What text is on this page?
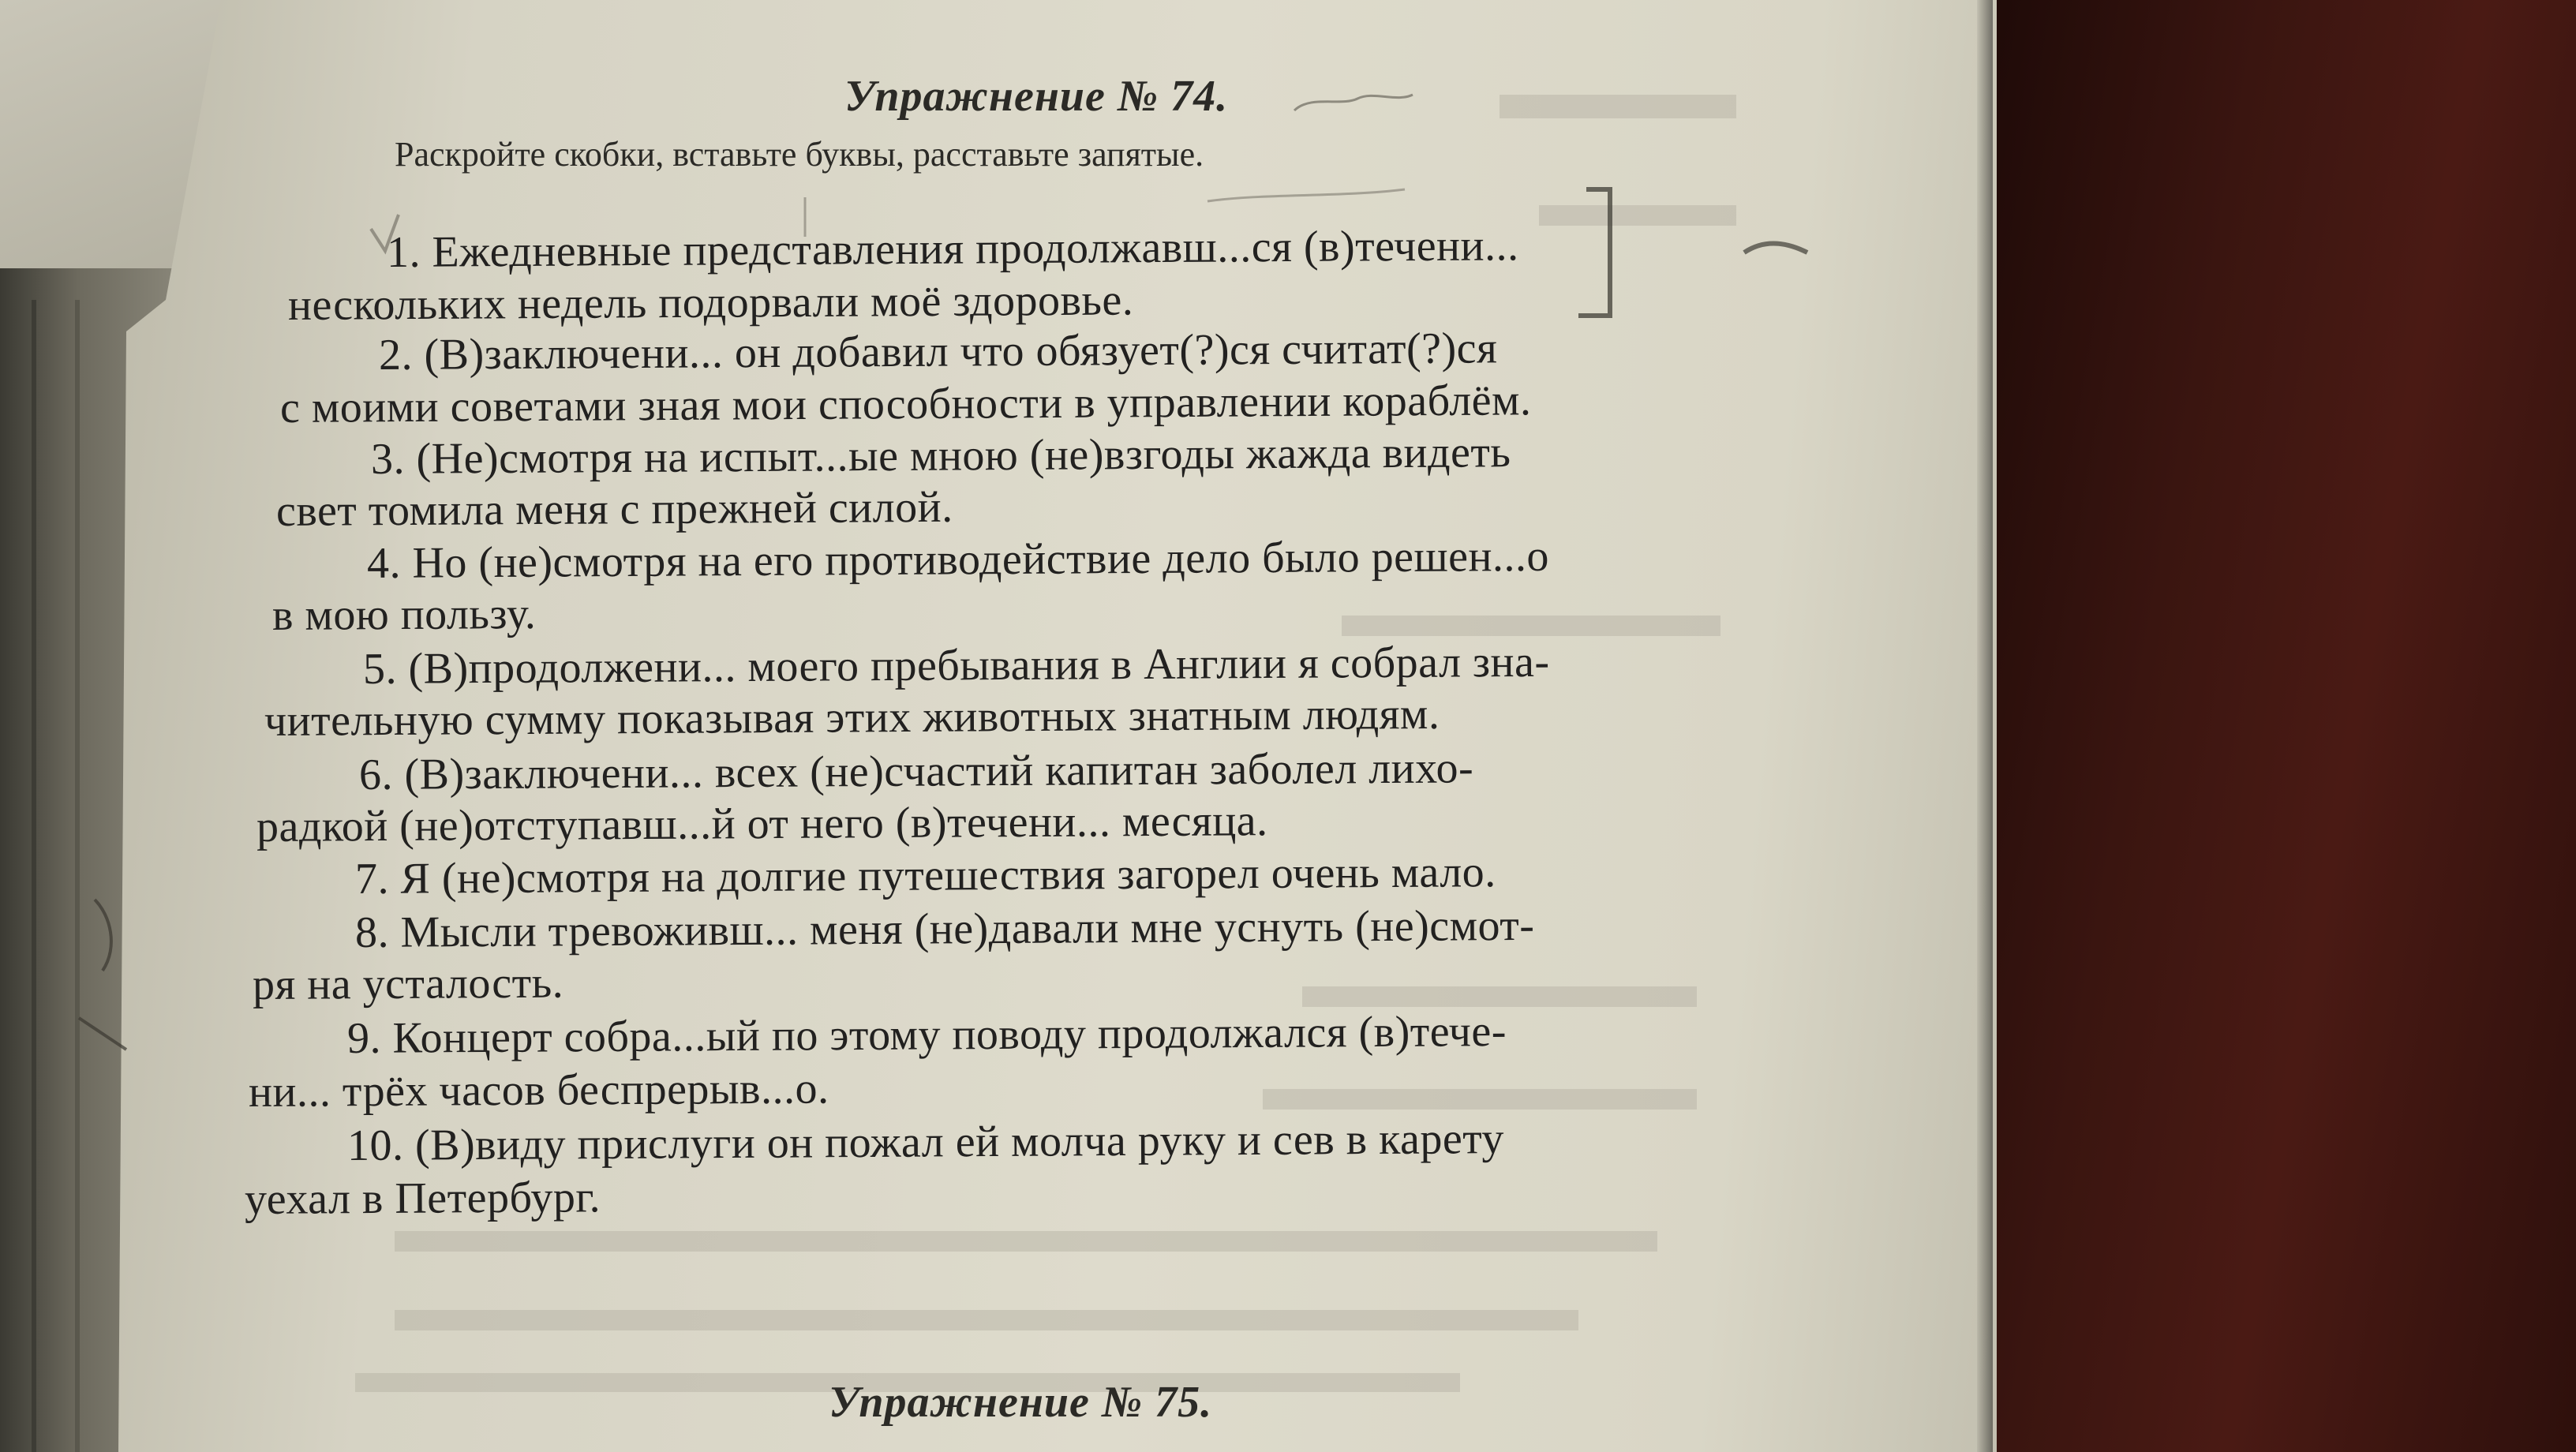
Упражнение № 74.
Раскройте скобки, вставьте буквы, расставьте запятые.
1. Ежедневные представления продолжавш...ся (в)течени...
нескольких недель подорвали моё здоровье.
2. (В)заключени... он добавил что обязует(?)ся считат(?)ся
с моими советами зная мои способности в управлении кораблём.
3. (Не)смотря на испыт...ые мною (не)взгоды жажда видеть
свет томила меня с прежней силой.
4. Но (не)смотря на его противодействие дело было решен...о
в мою пользу.
5. (В)продолжени... моего пребывания в Англии я собрал зна-
чительную сумму показывая этих животных знатным людям.
6. (В)заключени... всех (не)счастий капитан заболел лихо-
радкой (не)отступавш...й от него (в)течени... месяца.
7. Я (не)смотря на долгие путешествия загорел очень мало.
8. Мысли тревоживш... меня (не)давали мне уснуть (не)смот-
ря на усталость.
9. Концерт собра...ый по этому поводу продолжался (в)тече-
ни... трёх часов беспрерыв...о.
10. (В)виду прислуги он пожал ей молча руку и сев в карету
уехал в Петербург.
Упражнение № 75.
